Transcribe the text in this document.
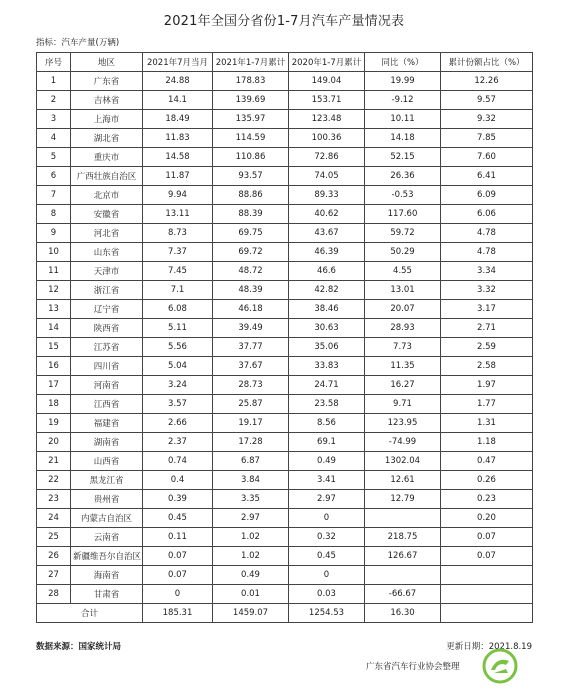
2021年全国分省份1-7月汽车产量情况表
指标：汽车产量(万辆)
序号	地区	2021年7月当月	2021年1-7月累计	2020年1-7月累计	同比（%）	累计份额占比（%）
1	广东省	24.88	178.83	149.04	19.99	12.26
2	吉林省	14.1	139.69	153.71	-9.12	9.57
3	上海市	18.49	135.97	123.48	10.11	9.32
4	湖北省	11.83	114.59	100.36	14.18	7.85
5	重庆市	14.58	110.86	72.86	52.15	7.60
6	广西壮族自治区	11.87	93.57	74.05	26.36	6.41
7	北京市	9.94	88.86	89.33	-0.53	6.09
8	安徽省	13.11	88.39	40.62	117.60	6.06
9	河北省	8.73	69.75	43.67	59.72	4.78
10	山东省	7.37	69.72	46.39	50.29	4.78
11	天津市	7.45	48.72	46.6	4.55	3.34
12	浙江省	7.1	48.39	42.82	13.01	3.32
13	辽宁省	6.08	46.18	38.46	20.07	3.17
14	陕西省	5.11	39.49	30.63	28.93	2.71
15	江苏省	5.56	37.77	35.06	7.73	2.59
16	四川省	5.04	37.67	33.83	11.35	2.58
17	河南省	3.24	28.73	24.71	16.27	1.97
18	江西省	3.57	25.87	23.58	9.71	1.77
19	福建省	2.66	19.17	8.56	123.95	1.31
20	湖南省	2.37	17.28	69.1	-74.99	1.18
21	山西省	0.74	6.87	0.49	1302.04	0.47
22	黑龙江省	0.4	3.84	3.41	12.61	0.26
23	贵州省	0.39	3.35	2.97	12.79	0.23
24	内蒙古自治区	0.45	2.97	0		0.20
25	云南省	0.11	1.02	0.32	218.75	0.07
26	新疆维吾尔自治区	0.07	1.02	0.45	126.67	0.07
27	海南省	0.07	0.49	0		
28	甘肃省	0	0.01	0.03	-66.67	
合计		185.31	1459.07	1254.53	16.30	
数据来源：国家统计局	更新日期：2021.8.19
广东省汽车行业协会整理
